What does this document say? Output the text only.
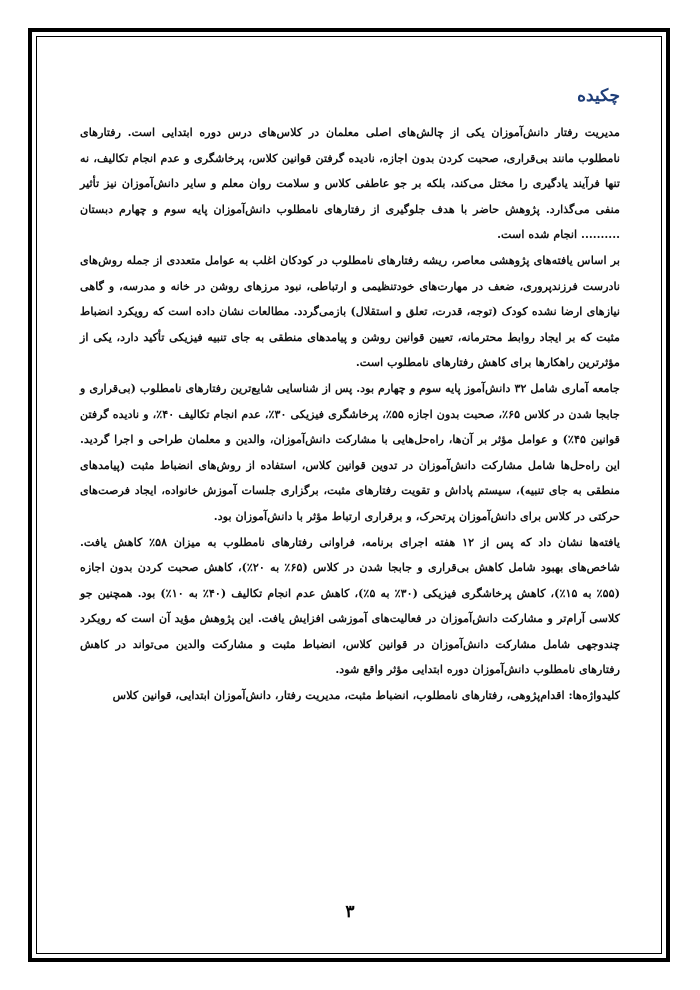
چکیده

مدیریت رفتار دانش‌آموزان یکی از چالش‌های اصلی معلمان در کلاس‌های درس دوره ابتدایی است. رفتارهای نامطلوب مانند بی‌قراری، صحبت کردن بدون اجازه، نادیده گرفتن قوانین کلاس، پرخاشگری و عدم انجام تکالیف، نه تنها فرآیند یادگیری را مختل می‌کند، بلکه بر جو عاطفی کلاس و سلامت روان معلم و سایر دانش‌آموزان نیز تأثیر منفی می‌گذارد. پژوهش حاضر با هدف جلوگیری از رفتارهای نامطلوب دانش‌آموزان پایه سوم و چهارم دبستان .......... انجام شده است.

بر اساس یافته‌های پژوهشی معاصر، ریشه رفتارهای نامطلوب در کودکان اغلب به عوامل متعددی از جمله روش‌های نادرست فرزندپروری، ضعف در مهارت‌های خودتنظیمی و ارتباطی، نبود مرزهای روشن در خانه و مدرسه، و گاهی نیازهای ارضا نشده کودک (توجه، قدرت، تعلق و استقلال) بازمی‌گردد. مطالعات نشان داده است که رویکرد انضباط مثبت که بر ایجاد روابط محترمانه، تعیین قوانین روشن و پیامدهای منطقی به جای تنبیه فیزیکی تأکید دارد، یکی از مؤثرترین راهکارها برای کاهش رفتارهای نامطلوب است.

جامعه آماری شامل ۳۲ دانش‌آموز پایه سوم و چهارم بود. پس از شناسایی شایع‌ترین رفتارهای نامطلوب (بی‌قراری و جابجا شدن در کلاس ۶۵٪، صحبت بدون اجازه ۵۵٪، پرخاشگری فیزیکی ۳۰٪، عدم انجام تکالیف ۴۰٪، و نادیده گرفتن قوانین ۴۵٪) و عوامل مؤثر بر آن‌ها، راه‌حل‌هایی با مشارکت دانش‌آموزان، والدین و معلمان طراحی و اجرا گردید. این راه‌حل‌ها شامل مشارکت دانش‌آموزان در تدوین قوانین کلاس، استفاده از روش‌های انضباط مثبت (پیامدهای منطقی به جای تنبیه)، سیستم پاداش و تقویت رفتارهای مثبت، برگزاری جلسات آموزش خانواده، ایجاد فرصت‌های حرکتی در کلاس برای دانش‌آموزان پرتحرک، و برقراری ارتباط مؤثر با دانش‌آموزان بود.

یافته‌ها نشان داد که پس از ۱۲ هفته اجرای برنامه، فراوانی رفتارهای نامطلوب به میزان ۵۸٪ کاهش یافت. شاخص‌های بهبود شامل کاهش بی‌قراری و جابجا شدن در کلاس (۶۵٪ به ۲۰٪)، کاهش صحبت کردن بدون اجازه (۵۵٪ به ۱۵٪)، کاهش پرخاشگری فیزیکی (۳۰٪ به ۵٪)، کاهش عدم انجام تکالیف (۴۰٪ به ۱۰٪) بود. همچنین جو کلاسی آرام‌تر و مشارکت دانش‌آموزان در فعالیت‌های آموزشی افزایش یافت. این پژوهش مؤید آن است که رویکرد چندوجهی شامل مشارکت دانش‌آموزان در قوانین کلاس، انضباط مثبت و مشارکت والدین می‌تواند در کاهش رفتارهای نامطلوب دانش‌آموزان دوره ابتدایی مؤثر واقع شود.

کلیدواژه‌ها: اقدام‌پژوهی، رفتارهای نامطلوب، انضباط مثبت، مدیریت رفتار، دانش‌آموزان ابتدایی، قوانین کلاس

۳
